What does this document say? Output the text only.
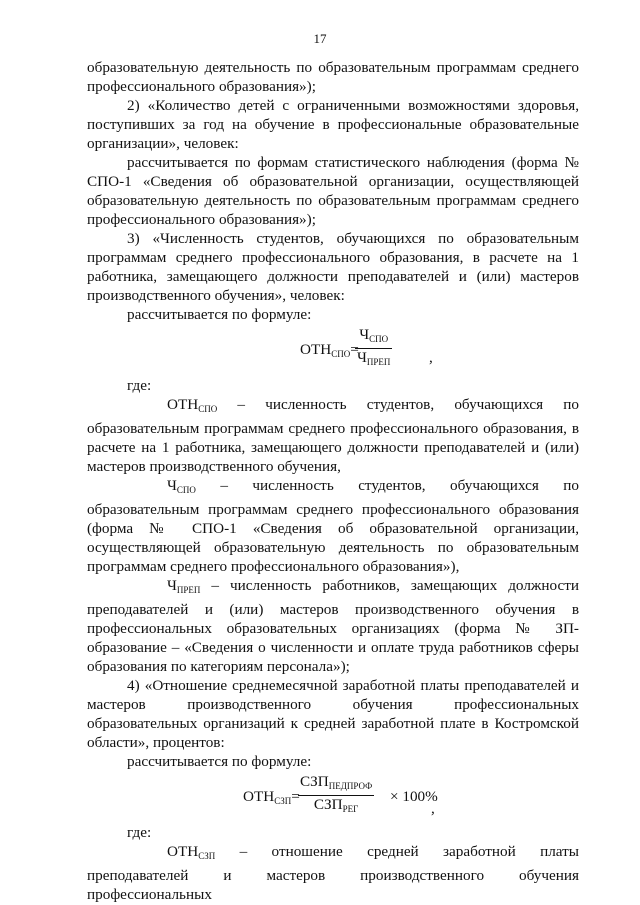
17

образовательную деятельность по образовательным программам среднего профессионального образования»);

2) «Количество детей с ограниченными возможностями здоровья, поступивших за год на обучение в профессиональные образовательные организации», человек:

рассчитывается по формам статистического наблюдения (форма № СПО-1 «Сведения об образовательной организации, осуществляющей образовательную деятельность по образовательным программам среднего профессионального образования»);

3) «Численность студентов, обучающихся по образовательным программам среднего профессионального образования, в расчете на 1 работника, замещающего должности преподавателей и (или) мастеров производственного обучения», человек:

рассчитывается по формуле:

$ОТН_{СПО}=$
$Ч_{СПО}$
$Ч_{ПРЕП}$	,

где:

$ОТН_{СПО}$ – численность студентов, обучающихся по образовательным программам среднего профессионального образования, в расчете на 1 работника, замещающего должности преподавателей и (или) мастеров производственного обучения,

$Ч_{СПО}$ – численность студентов, обучающихся по образовательным программам среднего профессионального образования (форма № СПО-1 «Сведения об образовательной организации, осуществляющей образовательную деятельность по образовательным программам среднего профессионального образования»),

$Ч_{ПРЕП}$ – численность работников, замещающих должности преподавателей и (или) мастеров производственного обучения в профессиональных образовательных организациях (форма № ЗП-образование – «Сведения о численности и оплате труда работников сферы образования по категориям персонала»);

4) «Отношение среднемесячной заработной платы преподавателей и мастеров производственного обучения профессиональных образовательных организаций к средней заработной плате в Костромской области», процентов:

рассчитывается по формуле:

$ОТН_{СЗП}=$
$СЗП_{ПЕДПРОФ}$
$СЗП_{РЕГ}$
× 100%
,

где:

$ОТН_{СЗП}$ – отношение средней заработной платы преподавателей и мастеров производственного обучения профессиональных
